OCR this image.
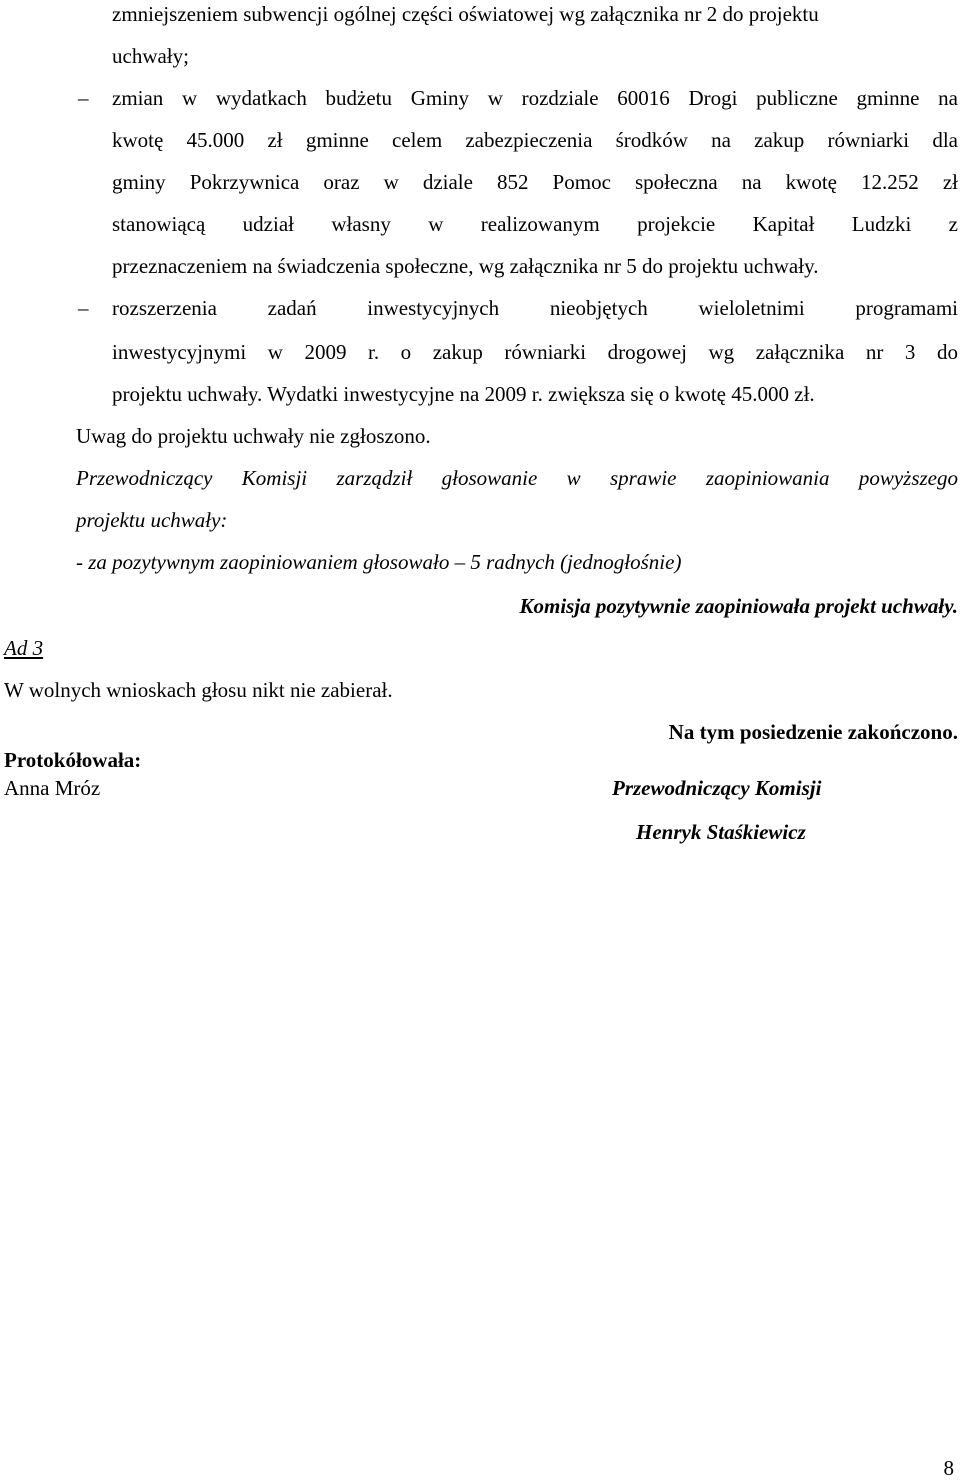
zmniejszeniem subwencji ogólnej części oświatowej wg załącznika nr 2 do projektu
uchwały;
– zmian w wydatkach budżetu Gminy w rozdziale 60016 Drogi publiczne gminne na
kwotę 45.000 zł gminne celem zabezpieczenia środków na zakup równiarki dla
gminy Pokrzywnica oraz w dziale 852 Pomoc społeczna na kwotę 12.252 zł
stanowiącą udział własny w realizowanym projekcie Kapitał Ludzki z
przeznaczeniem na świadczenia społeczne, wg załącznika nr 5 do projektu uchwały.
– rozszerzenia zadań inwestycyjnych nieobjętych wieloletnimi programami
inwestycyjnymi w 2009 r. o zakup równiarki drogowej wg załącznika nr 3 do
projektu uchwały. Wydatki inwestycyjne na 2009 r. zwiększa się o kwotę 45.000 zł.
Uwag do projektu uchwały nie zgłoszono.
Przewodniczący Komisji zarządził głosowanie w sprawie zaopiniowania powyższego
projektu uchwały:
- za pozytywnym zaopiniowaniem głosowało – 5 radnych (jednogłośnie)
Komisja pozytywnie zaopiniowała projekt uchwały.
Ad 3
W wolnych wnioskach głosu nikt nie zabierał.
Na tym posiedzenie zakończono.
Protokółowała:
Anna Mróz	Przewodniczący Komisji
Henryk Staśkiewicz
8
